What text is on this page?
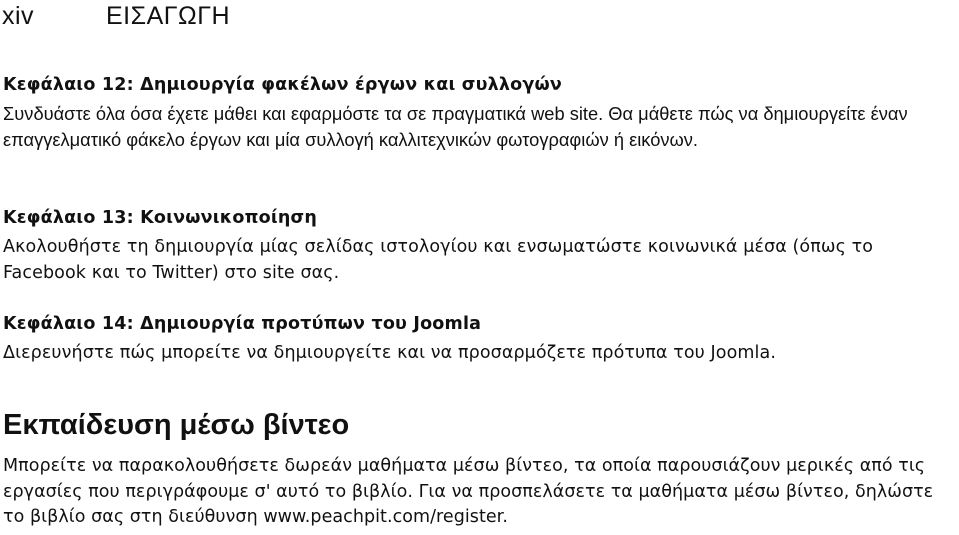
xiv	ΕΙΣΑΓΩΓΗ
Κεφάλαιο 12: Δημιουργία φακέλων έργων και συλλογών
Συνδυάστε όλα όσα έχετε μάθει και εφαρμόστε τα σε πραγματικά web site. Θα μάθετε πώς να δημιουργείτε έναν επαγγελματικό φάκελο έργων και μία συλλογή καλλιτεχνικών φωτογραφιών ή εικόνων.
Κεφάλαιο 13: Κοινωνικοποίηση
Ακολουθήστε τη δημιουργία μίας σελίδας ιστολογίου και ενσωματώστε κοινωνικά μέσα (όπως το Facebook και το Twitter) στο site σας.
Κεφάλαιο 14: Δημιουργία προτύπων του Joomla
Διερευνήστε πώς μπορείτε να δημιουργείτε και να προσαρμόζετε πρότυπα του Joomla.
Εκπαίδευση μέσω βίντεο
Μπορείτε να παρακολουθήσετε δωρεάν μαθήματα μέσω βίντεο, τα οποία παρουσιάζουν μερικές από τις εργασίες που περιγράφουμε σ' αυτό το βιβλίο. Για να προσπελάσετε τα μαθήματα μέσω βίντεο, δηλώστε το βιβλίο σας στη διεύθυνση www.peachpit.com/register.
